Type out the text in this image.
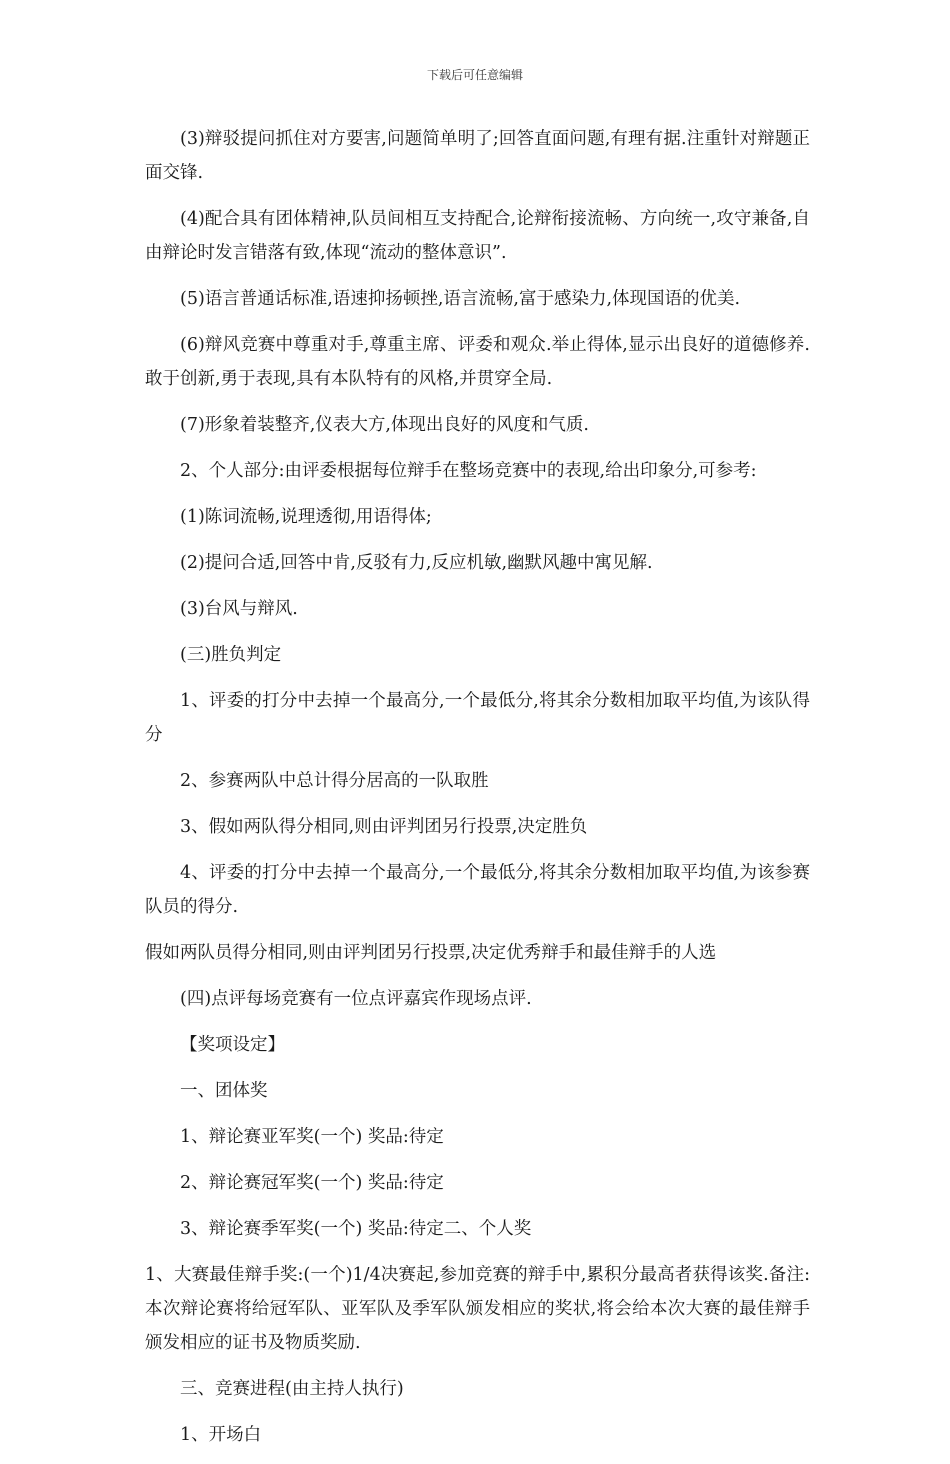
下载后可任意编辑

(3)辩驳提问抓住对方要害,问题简单明了;回答直面问题,有理有据.注重针对辩题正面交锋.

(4)配合具有团体精神,队员间相互支持配合,论辩衔接流畅、方向统一,攻守兼备,自由辩论时发言错落有致,体现“流动的整体意识”.

(5)语言普通话标准,语速抑扬顿挫,语言流畅,富于感染力,体现国语的优美.

(6)辩风竞赛中尊重对手,尊重主席、评委和观众.举止得体,显示出良好的道德修养.敢于创新,勇于表现,具有本队特有的风格,并贯穿全局.

(7)形象着装整齐,仪表大方,体现出良好的风度和气质.

2、个人部分:由评委根据每位辩手在整场竞赛中的表现,给出印象分,可参考:

(1)陈词流畅,说理透彻,用语得体;

(2)提问合适,回答中肯,反驳有力,反应机敏,幽默风趣中寓见解.

(3)台风与辩风.

(三)胜负判定

1、评委的打分中去掉一个最高分,一个最低分,将其余分数相加取平均值,为该队得分

2、参赛两队中总计得分居高的一队取胜

3、假如两队得分相同,则由评判团另行投票,决定胜负

4、评委的打分中去掉一个最高分,一个最低分,将其余分数相加取平均值,为该参赛队员的得分.

假如两队员得分相同,则由评判团另行投票,决定优秀辩手和最佳辩手的人选

(四)点评每场竞赛有一位点评嘉宾作现场点评.

【奖项设定】

一、团体奖

1、辩论赛亚军奖(一个) 奖品:待定

2、辩论赛冠军奖(一个) 奖品:待定

3、辩论赛季军奖(一个) 奖品:待定二、个人奖

1、大赛最佳辩手奖:(一个)1/4决赛起,参加竞赛的辩手中,累积分最高者获得该奖.备注:本次辩论赛将给冠军队、亚军队及季军队颁发相应的奖状,将会给本次大赛的最佳辩手颁发相应的证书及物质奖励.

三、竞赛进程(由主持人执行)

1、开场白
